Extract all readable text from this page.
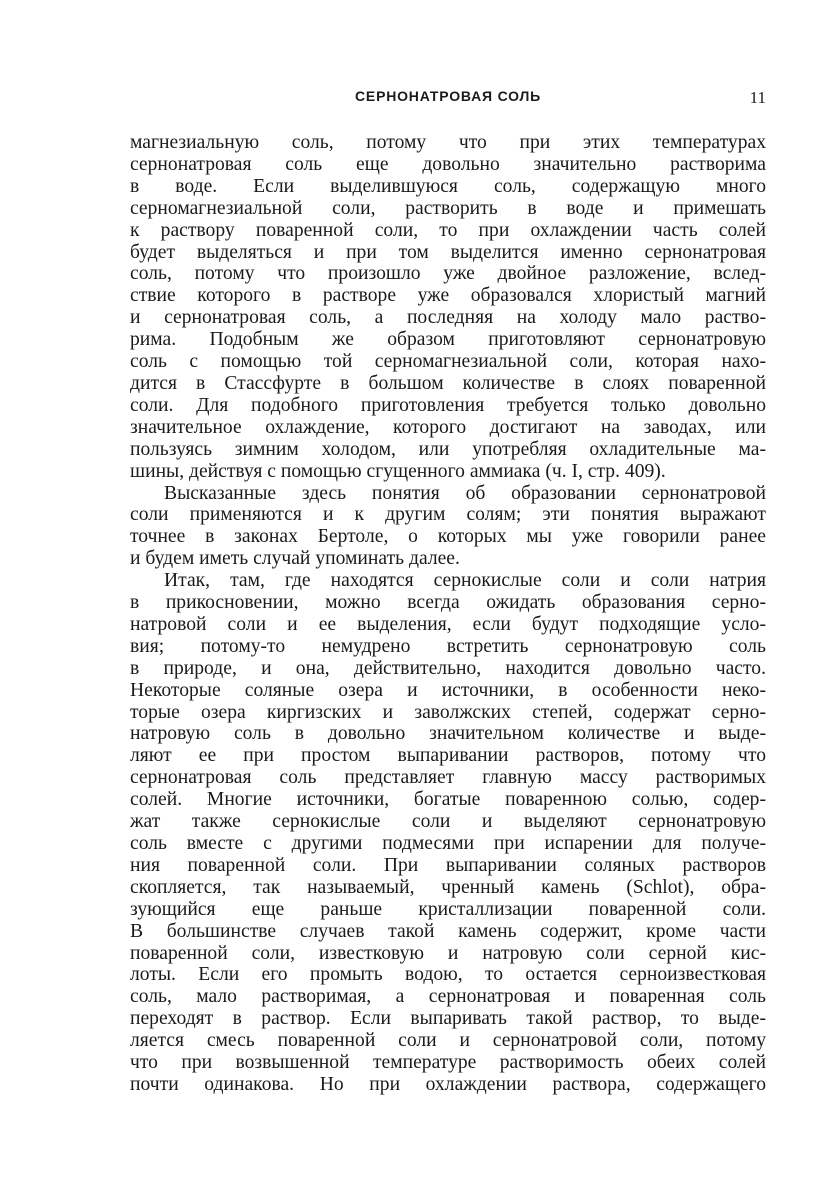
СЕРНОНАТРОВАЯ СОЛЬ	11
магнезиальную соль, потому что при этих температурах
сернонатровая соль еще довольно значительно растворима
в воде. Если выделившуюся соль, содержащую много
серномагнезиальной соли, растворить в воде и примешать
к раствору поваренной соли, то при охлаждении часть солей
будет выделяться и при том выделится именно сернонатровая
соль, потому что произошло уже двойное разложение, вслед-
ствие которого в растворе уже образовался хлористый магний
и сернонатровая соль, а последняя на холоду мало раство-
рима. Подобным же образом приготовляют сернонатровую
соль с помощью той серномагнезиальной соли, которая нахо-
дится в Стассфурте в большом количестве в слоях поваренной
соли. Для подобного приготовления требуется только довольно
значительное охлаждение, которого достигают на заводах, или
пользуясь зимним холодом, или употребляя охладительные ма-
шины, действуя с помощью сгущенного аммиака (ч. I, стр. 409).
Высказанные здесь понятия об образовании сернонатровой
соли применяются и к другим солям; эти понятия выражают
точнее в законах Бертоле, о которых мы уже говорили ранее
и будем иметь случай упоминать далее.
Итак, там, где находятся сернокислые соли и соли натрия
в прикосновении, можно всегда ожидать образования серно-
натровой соли и ее выделения, если будут подходящие усло-
вия; потому-то немудрено встретить сернонатровую соль
в природе, и она, действительно, находится довольно часто.
Некоторые соляные озера и источники, в особенности неко-
торые озера киргизских и заволжских степей, содержат серно-
натровую соль в довольно значительном количестве и выде-
ляют ее при простом выпаривании растворов, потому что
сернонатровая соль представляет главную массу растворимых
солей. Многие источники, богатые поваренною солью, содер-
жат также сернокислые соли и выделяют сернонатровую
соль вместе с другими подмесями при испарении для получе-
ния поваренной соли. При выпаривании соляных растворов
скопляется, так называемый, чренный камень (Schlot), обра-
зующийся еще раньше кристаллизации поваренной соли.
В большинстве случаев такой камень содержит, кроме части
поваренной соли, известковую и натровую соли серной кис-
лоты. Если его промыть водою, то остается серноизвестковая
соль, мало растворимая, а сернонатровая и поваренная соль
переходят в раствор. Если выпаривать такой раствор, то выде-
ляется смесь поваренной соли и сернонатровой соли, потому
что при возвышенной температуре растворимость обеих солей
почти одинакова. Но при охлаждении раствора, содержащего
